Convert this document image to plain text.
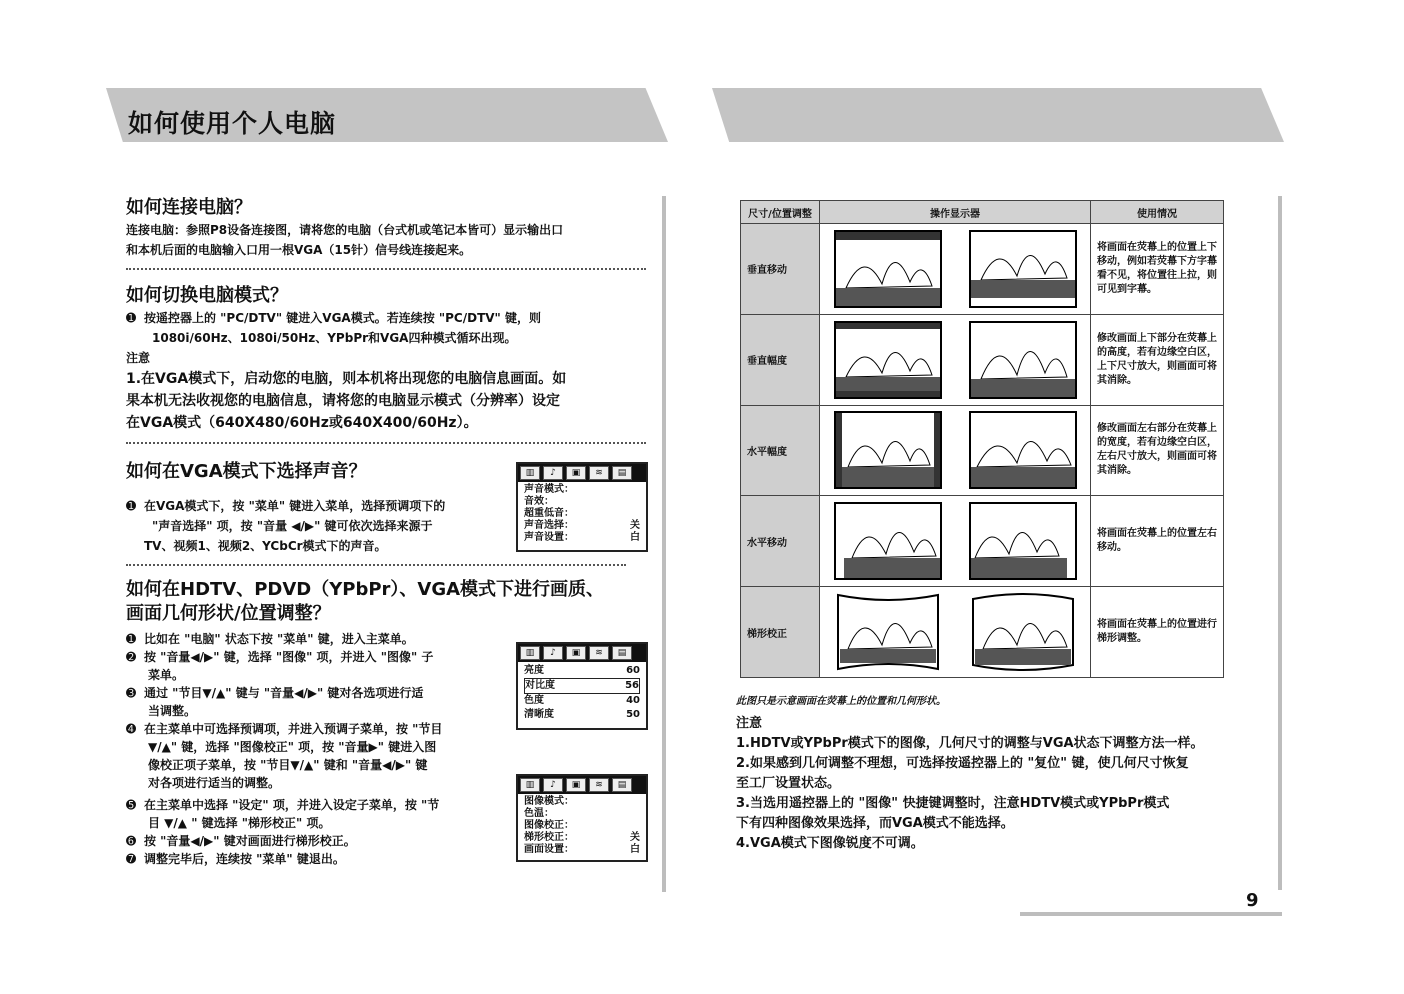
如何使用个人电脑
9

如何连接电脑？

连接电脑：参照P8设备连接图，请将您的电脑（台式机或笔记本皆可）显示输出口

和本机后面的电脑输入口用一根VGA（15针）信号线连接起来。

如何切换电脑模式？

➊ 按遥控器上的 "PC/DTV" 键进入VGA模式。若连续按 "PC/DTV" 键，则

1080i/60Hz、1080i/50Hz、YPbPr和VGA四种模式循环出现。

注意

1.在VGA模式下，启动您的电脑，则本机将出现您的电脑信息画面。如

果本机无法收视您的电脑信息，请将您的电脑显示模式（分辨率）设定

在VGA模式（640X480/60Hz或640X400/60Hz）。

如何在VGA模式下选择声音？

➊ 在VGA模式下，按 "菜单" 键进入菜单，选择预调项下的

"声音选择" 项，按 "音量 ◀/▶" 键可依次选择来源于

TV、视频1、视频2、YCbCr模式下的声音。

▥	♪	▣	≋	▤
声音模式：
音效：
超重低音：
声音选择：	关
声音设置：	白

如何在HDTV、PDVD（YPbPr）、VGA模式下进行画质、

画面几何形状/位置调整？

➊ 比如在 "电脑" 状态下按 "菜单" 键，进入主菜单。

➋ 按 "音量◀/▶" 键，选择 "图像" 项，并进入 "图像" 子

菜单。

➌ 通过 "节目▼/▲" 键与 "音量◀/▶" 键对各选项进行适

当调整。

➍ 在主菜单中可选择预调项，并进入预调子菜单，按 "节目

▼/▲" 键，选择 "图像校正" 项，按 "音量▶" 键进入图

像校正项子菜单，按 "节目▼/▲" 键和 "音量◀/▶" 键

对各项进行适当的调整。

➎ 在主菜单中选择 "设定" 项，并进入设定子菜单，按 "节

目 ▼/▲ " 键选择 "梯形校正" 项。

➏ 按 "音量◀/▶" 键对画面进行梯形校正。

➐ 调整完毕后，连续按 "菜单" 键退出。

▥	♪	▣	≋	▤
亮度	60
对比度	56
色度	40
清晰度	50
▥	♪	▣	≋	▤
图像模式：
色温：
图像校正：
梯形校正：	关
画面设置：	白
尺寸/位置调整	操作显示器	使用情况
垂直移动		将画面在荧幕上的位置上下移动，例如若荧幕下方字幕看不见，将位置往上拉，则可见到字幕。
垂直幅度		修改画面上下部分在荧幕上的高度，若有边缘空白区，上下尺寸放大，则画面可将其消除。
水平幅度		修改画面左右部分在荧幕上的宽度，若有边缘空白区，左右尺寸放大，则画面可将其消除。
水平移动		将画面在荧幕上的位置左右移动。
梯形校正		将画面在荧幕上的位置进行梯形调整。
此图只是示意画面在荧幕上的位置和几何形状。
注意
1.HDTV或YPbPr模式下的图像，几何尺寸的调整与VGA状态下调整方法一样。
2.如果感到几何调整不理想，可选择按遥控器上的 "复位" 键，使几何尺寸恢复
至工厂设置状态。
3.当选用遥控器上的 "图像" 快捷键调整时，注意HDTV模式或YPbPr模式
下有四种图像效果选择，而VGA模式不能选择。
4.VGA模式下图像锐度不可调。
